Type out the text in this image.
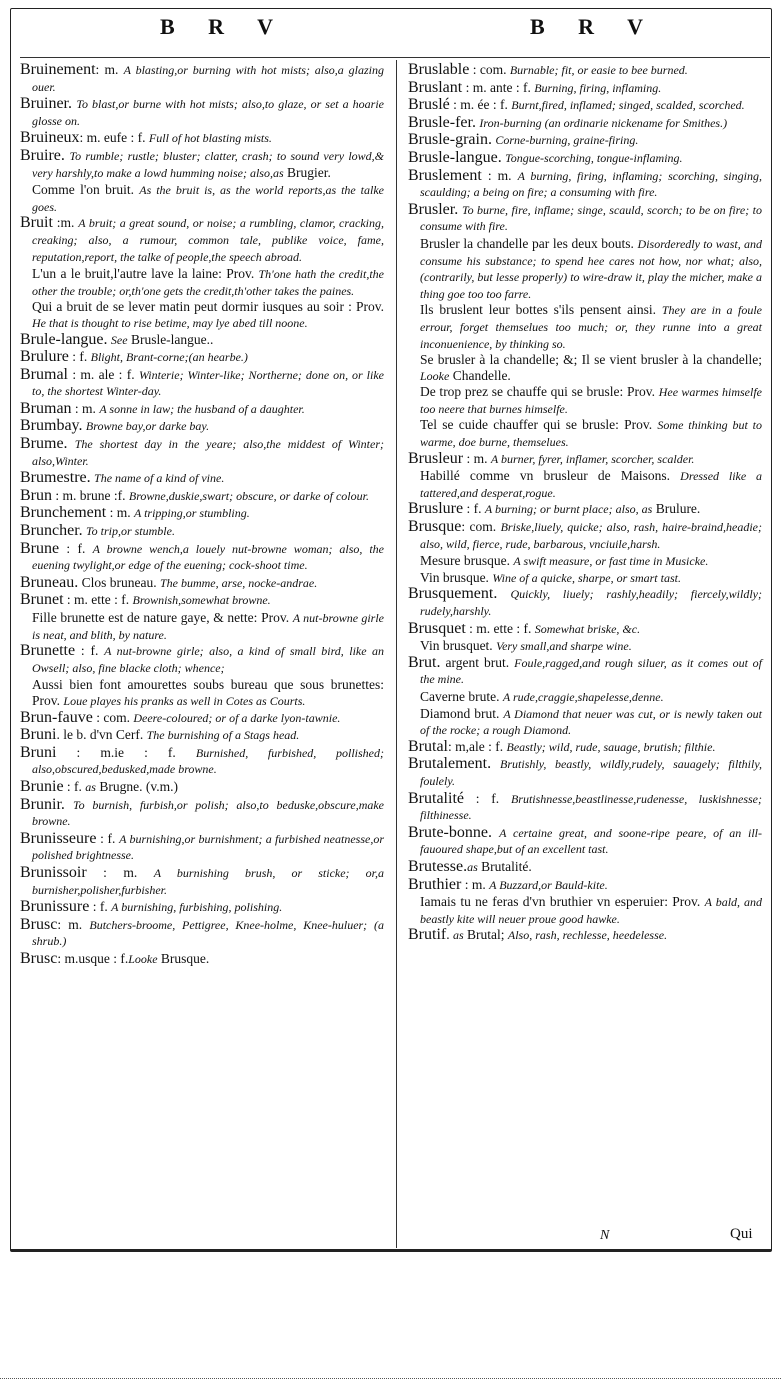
B R V	B R V
Bruinement: m. A blasting,or burning with hot mists; also,a glazing ouer.
Bruiner. To blast,or burne with hot mists; also,to glaze, or set a hoarie glosse on.
Bruineux: m. eufe : f. Full of hot blasting mists.
Bruire. To rumble; rustle; bluster; clatter, crash; to sound very lowd,& very harshly,to make a lowd humming noise; also,as Brugier.
Comme l'on bruit. As the bruit is, as the world reports,as the talke goes.
Bruit :m. A bruit; a great sound, or noise; a rumbling, clamor, cracking, creaking; also, a rumour, common tale, publike voice, fame, reputation,report, the talke of people,the speech abroad.
L'un a le bruit,l'autre lave la laine: Prov. Th'one hath the credit,the other the trouble; or,th'one gets the credit,th'other takes the paines.
Qui a bruit de se lever matin peut dormir iusques au soir : Prov. He that is thought to rise betime, may lye abed till noone.
Brule-langue. See Brusle-langue..
Brulure : f. Blight, Brant-corne;(an hearbe.)
Brumal : m. ale : f. Winterie; Winter-like; Northerne; done on, or like to, the shortest Winter-day.
Bruman : m. A sonne in law; the husband of a daughter.
Brumbay. Browne bay,or darke bay.
Brume. The shortest day in the yeare; also,the middest of Winter; also,Winter.
Brumestre. The name of a kind of vine.
Brun : m. brune :f. Browne,duskie,swart; obscure, or darke of colour.
Brunchement : m. A tripping,or stumbling.
Bruncher. To trip,or stumble.
Brune : f. A browne wench,a louely nut-browne woman; also, the euening twylight,or edge of the euening; cock-shoot time.
Bruneau. Clos bruneau. The bumme, arse, nocke-andrae.
Brunet : m. ette : f. Brownish,somewhat browne.
Fille brunette est de nature gaye, & nette: Prov. A nut-browne girle is neat, and blith, by nature.
Brunette : f. A nut-browne girle; also, a kind of small bird, like an Owsell; also, fine blacke cloth; whence;
Aussi bien font amourettes soubs bureau que sous brunettes: Prov. Loue playes his pranks as well in Cotes as Courts.
Brun-fauve : com. Deere-coloured; or of a darke lyon-tawnie.
Bruni. le b. d'vn Cerf. The burnishing of a Stags head.
Bruni : m.ie : f. Burnished, furbished, pollished; also,obscured,bedusked,made browne.
Brunie : f. as Brugne. (v.m.)
Brunir. To burnish, furbish,or polish; also,to beduske,obscure,make browne.
Brunisseure : f. A burnishing,or burnishment; a furbished neatnesse,or polished brightnesse.
Brunissoir : m. A burnishing brush, or sticke; or,a burnisher,polisher,furbisher.
Brunissure : f. A burnishing, furbishing, polishing.
Brusc: m. Butchers-broome, Pettigree, Knee-holme, Knee-huluer; (a shrub.)
Brusc: m.usque : f.Looke Brusque.
Bruslable : com. Burnable; fit, or easie to bee burned.
Bruslant : m. ante : f. Burning, firing, inflaming.
Bruslé : m. ée : f. Burnt,fired, inflamed; singed, scalded, scorched.
Brusle-fer. Iron-burning (an ordinarie nickename for Smithes.)
Brusle-grain. Corne-burning, graine-firing.
Brusle-langue. Tongue-scorching, tongue-inflaming.
Bruslement : m. A burning, firing, inflaming; scorching, singing, scaulding; a being on fire; a consuming with fire.
Brusler. To burne, fire, inflame; singe, scauld, scorch; to be on fire; to consume with fire.
Brusler la chandelle par les deux bouts. Disorderedly to wast, and consume his substance; to spend hee cares not how, nor what; also, (contrarily, but lesse properly) to wire-draw it, play the micher, make a thing goe too too farre.
Ils bruslent leur bottes s'ils pensent ainsi. They are in a foule errour, forget themselues too much; or, they runne into a great inconuenience, by thinking so.
Se brusler à la chandelle; &; Il se vient brusler à la chandelle; Looke Chandelle.
De trop prez se chauffe qui se brusle: Prov. Hee warmes himselfe too neere that burnes himselfe.
Tel se cuide chauffer qui se brusle: Prov. Some thinking but to warme, doe burne, themselues.
Brusleur : m. A burner, fyrer, inflamer, scorcher, scalder.
Habillé comme vn brusleur de Maisons. Dressed like a tattered,and desperat,rogue.
Bruslure : f. A burning; or burnt place; also, as Brulure.
Brusque: com. Briske,liuely, quicke; also, rash, haire-braind,headie; also, wild, fierce, rude, barbarous, vnciuile,harsh.
Mesure brusque. A swift measure, or fast time in Musicke.
Vin brusque. Wine of a quicke, sharpe, or smart tast.
Brusquement. Quickly, liuely; rashly,headily; fiercely,wildly; rudely,harshly.
Brusquet : m. ette : f. Somewhat briske, &c.
Vin brusquet. Very small,and sharpe wine.
Brut. argent brut. Foule,ragged,and rough siluer, as it comes out of the mine.
Caverne brute. A rude,craggie,shapelesse,denne.
Diamond brut. A Diamond that neuer was cut, or is newly taken out of the rocke; a rough Diamond.
Brutal: m,ale : f. Beastly; wild, rude, sauage, brutish; filthie.
Brutalement. Brutishly, beastly, wildly,rudely, sauagely; filthily, foulely.
Brutalité : f. Brutishnesse,beastlinesse,rudenesse, luskishnesse; filthinesse.
Brute-bonne. A certaine great, and soone-ripe peare, of an ill-fauoured shape,but of an excellent tast.
Brutesse.as Brutalité.
Bruthier : m. A Buzzard,or Bauld-kite.
Iamais tu ne feras d'vn bruthier vn esperuier: Prov. A bald, and beastly kite will neuer proue good hawke.
Brutif. as Brutal; Also, rash, rechlesse, heedelesse.
N	Qui
